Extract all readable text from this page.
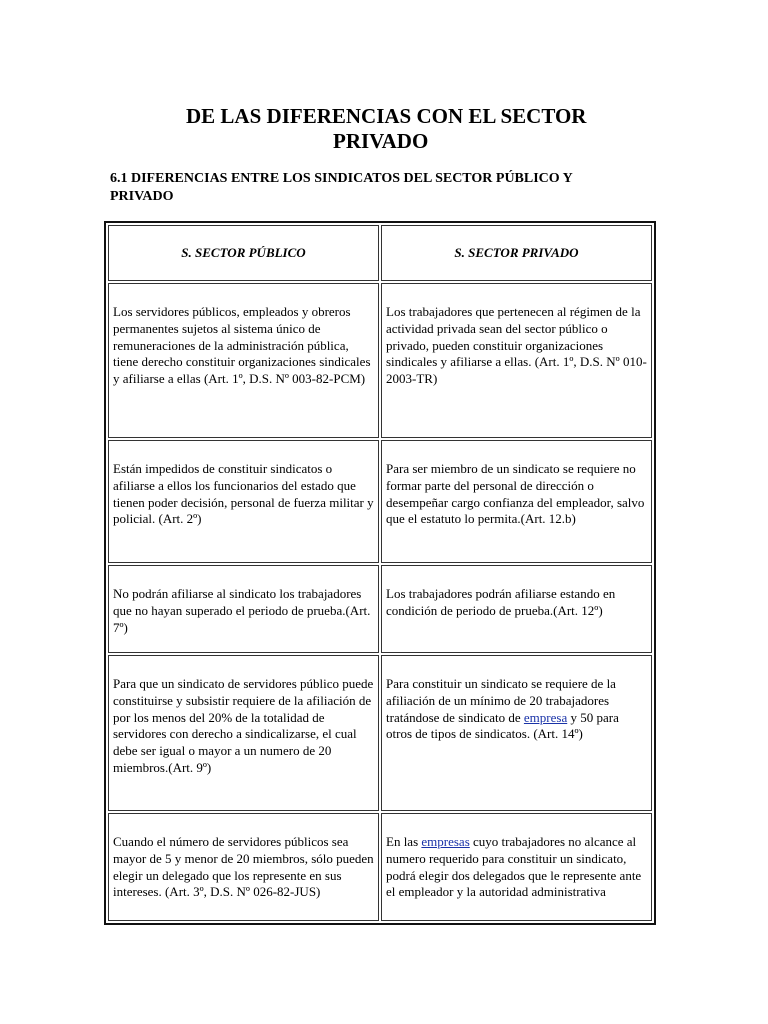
DE LAS DIFERENCIAS CON EL SECTOR
PRIVADO
6.1 DIFERENCIAS ENTRE LOS SINDICATOS DEL SECTOR PÚBLICO Y
PRIVADO
S. SECTOR PÚBLICO	S. SECTOR PRIVADO

Los servidores públicos, empleados y obreros permanentes sujetos al sistema único de remuneraciones de la administración pública, tiene derecho constituir organizaciones sindicales y afiliarse a ellas (Art. 1º, D.S. Nº 003-82-PCM)	Los trabajadores que pertenecen al régimen de la actividad privada sean del sector público o privado, pueden constituir organizaciones sindicales y afiliarse a ellas. (Art. 1º, D.S. Nº 010-2003-TR)

Están impedidos de constituir sindicatos o afiliarse a ellos los funcionarios del estado que tienen poder decisión, personal de fuerza militar y policial. (Art. 2º)	Para ser miembro de un sindicato se requiere no formar parte del personal de dirección o desempeñar cargo confianza del empleador, salvo que el estatuto lo permita.(Art. 12.b)

No podrán afiliarse al sindicato los trabajadores que no hayan superado el periodo de prueba.(Art. 7º)	Los trabajadores podrán afiliarse estando en condición de periodo de prueba.(Art. 12º)

Para que un sindicato de servidores público puede constituirse y subsistir requiere de la afiliación de por los menos del 20% de la totalidad de servidores con derecho a sindicalizarse, el cual debe ser igual o mayor a un numero de 20 miembros.(Art. 9º)	Para constituir un sindicato se requiere de la afiliación de un mínimo de 20 trabajadores tratándose de sindicato de empresa y 50 para otros de tipos de sindicatos. (Art. 14º)

Cuando el número de servidores públicos sea mayor de 5 y menor de 20 miembros, sólo pueden elegir un delegado que los represente en sus intereses. (Art. 3º, D.S. Nº 026-82-JUS)	En las empresas cuyo trabajadores no alcance al numero requerido para constituir un sindicato, podrá elegir dos delegados que le represente ante el empleador y la autoridad administrativa
